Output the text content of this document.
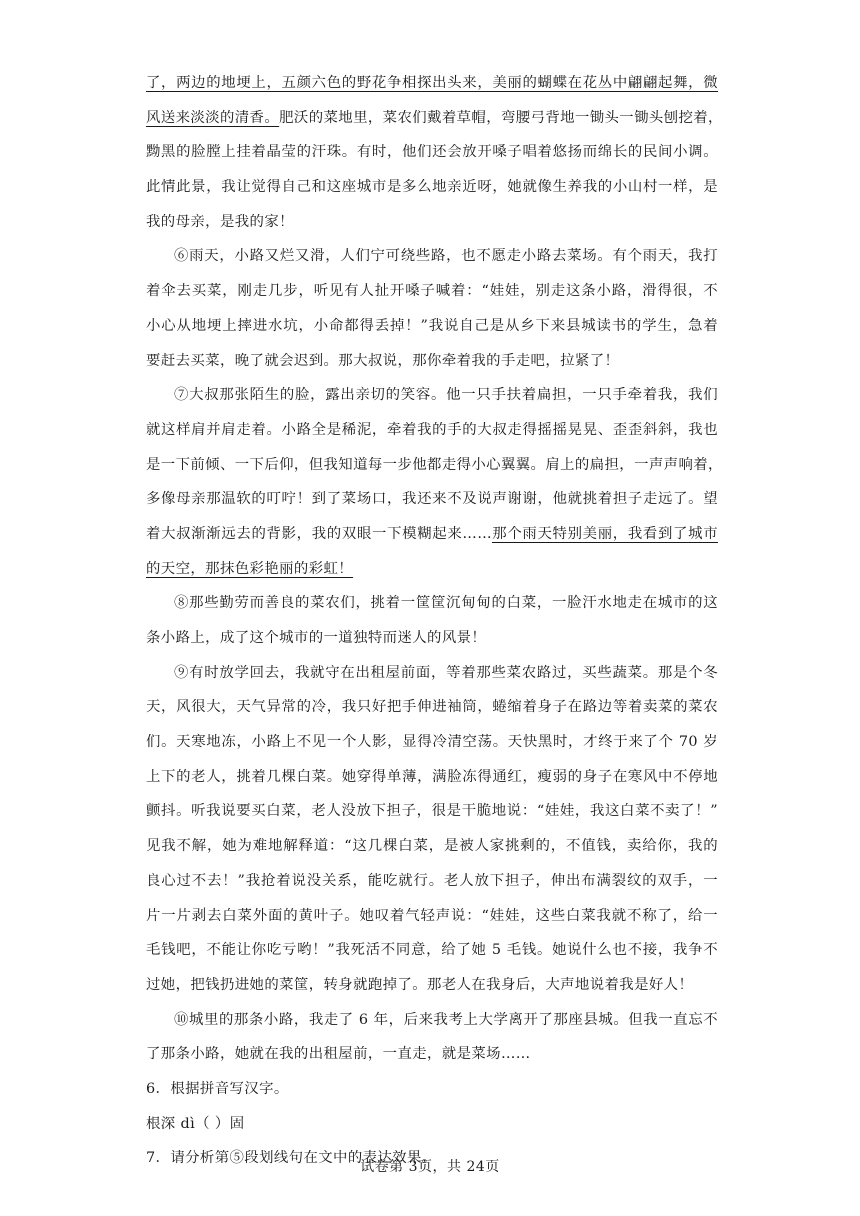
了，两边的地埂上，五颜六色的野花争相探出头来，美丽的蝴蝶在花丛中翩翩起舞，微
风送来淡淡的清香。肥沃的菜地里，菜农们戴着草帽，弯腰弓背地一锄头一锄头刨挖着，
黝黑的脸膛上挂着晶莹的汗珠。有时，他们还会放开嗓子唱着悠扬而绵长的民间小调。
此情此景，我让觉得自己和这座城市是多么地亲近呀，她就像生养我的小山村一样，是
我的母亲，是我的家！
⑥雨天，小路又烂又滑，人们宁可绕些路，也不愿走小路去菜场。有个雨天，我打
着伞去买菜，刚走几步，听见有人扯开嗓子喊着：“娃娃，别走这条小路，滑得很，不
小心从地埂上摔进水坑，小命都得丢掉！”我说自己是从乡下来县城读书的学生，急着
要赶去买菜，晚了就会迟到。那大叔说，那你牵着我的手走吧，拉紧了！
⑦大叔那张陌生的脸，露出亲切的笑容。他一只手扶着扁担，一只手牵着我，我们
就这样肩并肩走着。小路全是稀泥，牵着我的手的大叔走得摇摇晃晃、歪歪斜斜，我也
是一下前倾、一下后仰，但我知道每一步他都走得小心翼翼。肩上的扁担，一声声响着，
多像母亲那温软的叮咛！到了菜场口，我还来不及说声谢谢，他就挑着担子走远了。望
着大叔渐渐远去的背影，我的双眼一下模糊起来……那个雨天特别美丽，我看到了城市
的天空，那抹色彩艳丽的彩虹！
⑧那些勤劳而善良的菜农们，挑着一筐筐沉甸甸的白菜，一脸汗水地走在城市的这
条小路上，成了这个城市的一道独特而迷人的风景！
⑨有时放学回去，我就守在出租屋前面，等着那些菜农路过，买些蔬菜。那是个冬
天，风很大，天气异常的冷，我只好把手伸进袖筒，蜷缩着身子在路边等着卖菜的菜农
们。天寒地冻，小路上不见一个人影，显得冷清空荡。天快黑时，才终于来了个 70 岁
上下的老人，挑着几棵白菜。她穿得单薄，满脸冻得通红，瘦弱的身子在寒风中不停地
颤抖。听我说要买白菜，老人没放下担子，很是干脆地说：“娃娃，我这白菜不卖了！”
见我不解，她为难地解释道：“这几棵白菜，是被人家挑剩的，不值钱，卖给你，我的
良心过不去！”我抢着说没关系，能吃就行。老人放下担子，伸出布满裂纹的双手，一
片一片剥去白菜外面的黄叶子。她叹着气轻声说：“娃娃，这些白菜我就不称了，给一
毛钱吧，不能让你吃亏哟！”我死活不同意，给了她 5 毛钱。她说什么也不接，我争不
过她，把钱扔进她的菜筐，转身就跑掉了。那老人在我身后，大声地说着我是好人！
⑩城里的那条小路，我走了 6 年，后来我考上大学离开了那座县城。但我一直忘不
了那条小路，她就在我的出租屋前，一直走，就是菜场……
6．根据拼音写汉字。
根深 dì（ ）固
7．请分析第⑤段划线句在文中的表达效果。
试卷第 3页，共 24页
